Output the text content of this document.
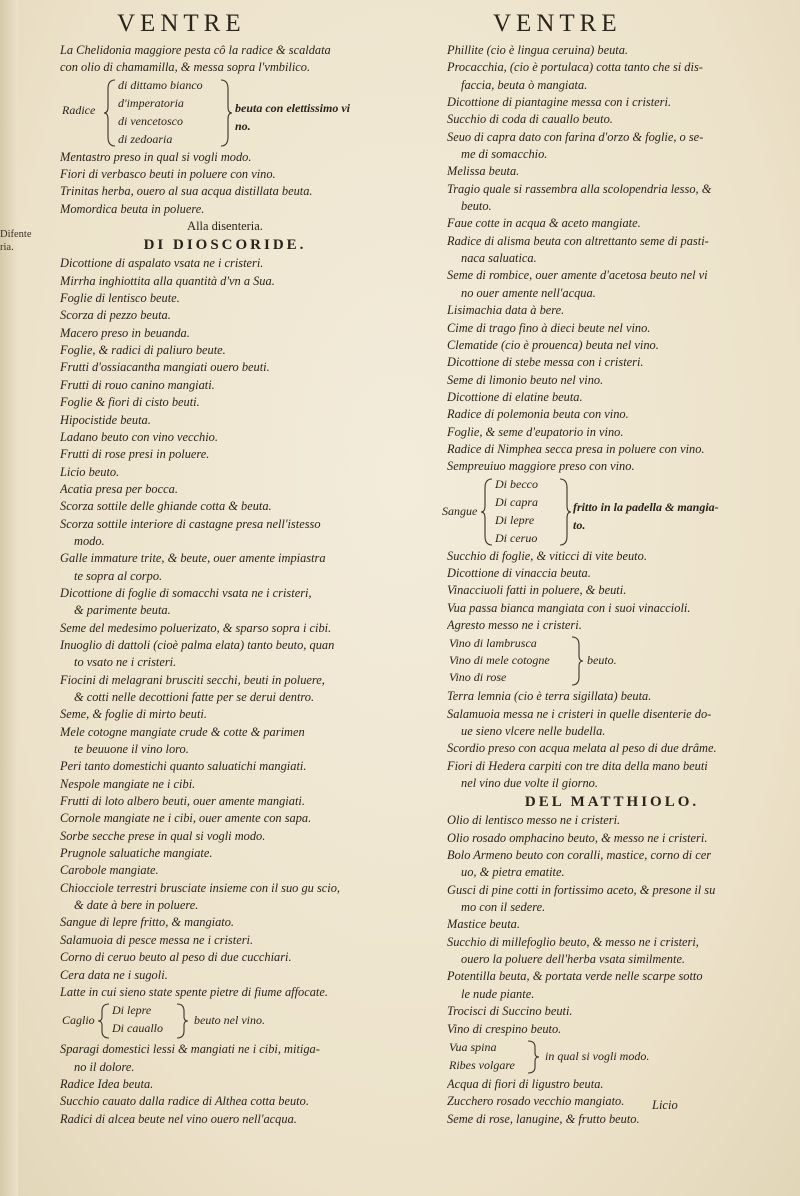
VENTRE	VENTRE
Difente
ria.
La Chelidonia maggiore pesta cô la radice & scaldata
con olio di chamamilla, & messa sopra l'vmbilico.
Radice
di dittamo bianco
d'imperatoria
di vencetosco
di zedoaria
beuta con elettissimo vi
no.
Mentastro preso in qual si vogli modo.
Fiori di verbasco beuti in poluere con vino.
Trinitas herba, ouero al sua acqua distillata beuta.
Momordica beuta in poluere.
Alla disenteria.
DI DIOSCORIDE.
Dicottione di aspalato vsata ne i cristeri.
Mirrha inghiottita alla quantità d'vn a Sua.
Foglie di lentisco beute.
Scorza di pezzo beuta.
Macero preso in beuanda.
Foglie, & radici di paliuro beute.
Frutti d'ossiacantha mangiati ouero beuti.
Frutti di rouo canino mangiati.
Foglie & fiori di cisto beuti.
Hipocistide beuta.
Ladano beuto con vino vecchio.
Frutti di rose presi in poluere.
Licio beuto.
Acatia presa per bocca.
Scorza sottile delle ghiande cotta & beuta.
Scorza sottile interiore di castagne presa nell'istesso
modo.
Galle immature trite, & beute, ouer amente impiastra
te sopra al corpo.
Dicottione di foglie di somacchi vsata ne i cristeri,
& parimente beuta.
Seme del medesimo poluerizato, & sparso sopra i cibi.
Inuoglio di dattoli (cioè palma elata) tanto beuto, quan
to vsato ne i cristeri.
Fiocini di melagrani brusciti secchi, beuti in poluere,
& cotti nelle decottioni fatte per se derui dentro.
Seme, & foglie di mirto beuti.
Mele cotogne mangiate crude & cotte & parimen
te beuuone il vino loro.
Peri tanto domestichi quanto saluatichi mangiati.
Nespole mangiate ne i cibi.
Frutti di loto albero beuti, ouer amente mangiati.
Cornole mangiate ne i cibi, ouer amente con sapa.
Sorbe secche prese in qual si vogli modo.
Prugnole saluatiche mangiate.
Carobole mangiate.
Chiocciole terrestri brusciate insieme con il suo gu scio,
& date à bere in poluere.
Sangue di lepre fritto, & mangiato.
Salamuoia di pesce messa ne i cristeri.
Corno di ceruo beuto al peso di due cucchiari.
Cera data ne i sugoli.
Latte in cui sieno state spente pietre di fiume affocate.
Caglio
Di lepre
Di cauallo
beuto nel vino.
Sparagi domestici lessi & mangiati ne i cibi, mitiga-
no il dolore.
Radice Idea beuta.
Succhio cauato dalla radice di Althea cotta beuto.
Radici di alcea beute nel vino ouero nell'acqua.
Phillite (cio è lingua ceruina) beuta.
Procacchia, (cio è portulaca) cotta tanto che si dis-
faccia, beuta ò mangiata.
Dicottione di piantagine messa con i cristeri.
Succhio di coda di cauallo beuto.
Seuo di capra dato con farina d'orzo & foglie, o se-
me di somacchio.
Melissa beuta.
Tragio quale si rassembra alla scolopendria lesso, &
beuto.
Faue cotte in acqua & aceto mangiate.
Radice di alisma beuta con altrettanto seme di pasti-
naca saluatica.
Seme di rombice, ouer amente d'acetosa beuto nel vi
no ouer amente nell'acqua.
Lisimachia data à bere.
Cime di trago fino à dieci beute nel vino.
Clematide (cio è prouenca) beuta nel vino.
Dicottione di stebe messa con i cristeri.
Seme di limonio beuto nel vino.
Dicottione di elatine beuta.
Radice di polemonia beuta con vino.
Foglie, & seme d'eupatorio in vino.
Radice di Nimphea secca presa in poluere con vino.
Sempreuiuo maggiore preso con vino.
Sangue
Di becco
Di capra
Di lepre
Di ceruo
fritto in la padella & mangia-
to.
Succhio di foglie, & viticci di vite beuto.
Dicottione di vinaccia beuta.
Vinacciuoli fatti in poluere, & beuti.
Vua passa bianca mangiata con i suoi vinaccioli.
Agresto messo ne i cristeri.
Vino di lambrusca
Vino di mele cotogne
Vino di rose
beuto.
Terra lemnia (cio è terra sigillata) beuta.
Salamuoia messa ne i cristeri in quelle disenterie do-
ue sieno vlcere nelle budella.
Scordio preso con acqua melata al peso di due drâme.
Fiori di Hedera carpiti con tre dita della mano beuti
nel vino due volte il giorno.
DEL MATTHIOLO.
Olio di lentisco messo ne i cristeri.
Olio rosado omphacino beuto, & messo ne i cristeri.
Bolo Armeno beuto con coralli, mastice, corno di cer
uo, & pietra ematite.
Gusci di pine cotti in fortissimo aceto, & presone il su
mo con il sedere.
Mastice beuta.
Succhio di millefoglio beuto, & messo ne i cristeri,
ouero la poluere dell'herba vsata similmente.
Potentilla beuta, & portata verde nelle scarpe sotto
le nude piante.
Trocisci di Succino beuti.
Vino di crespino beuto.
Vua spina
Ribes volgare
in qual si vogli modo.
Acqua di fiori di ligustro beuta.
Zucchero rosado vecchio mangiato.
Seme di rose, lanugine, & frutto beuto.
Licio
